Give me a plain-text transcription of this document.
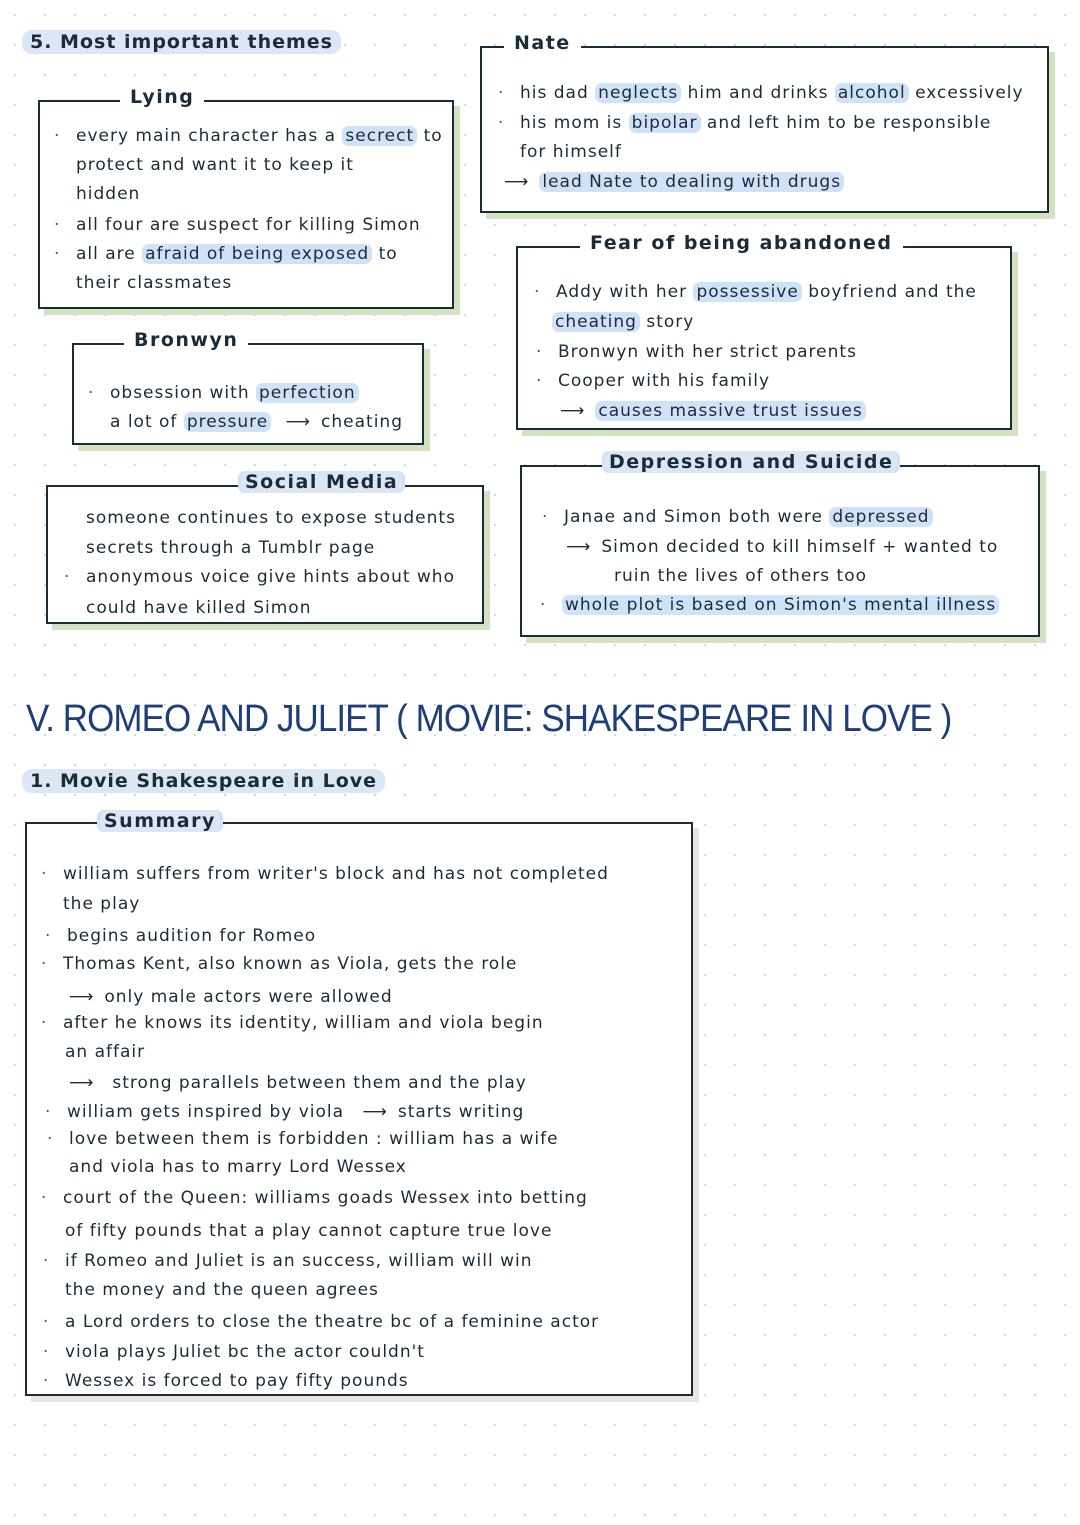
5. Most important themes
Lying
· every main character has a secrect to
protect and want it to keep it
hidden
· all four are suspect for killing Simon
· all are afraid of being exposed to
their classmates
Bronwyn
· obsession with perfection
a lot of pressure ⟶ cheating
Social Media
someone continues to expose students
secrets through a Tumblr page
· anonymous voice give hints about who
could have killed Simon
Nate
· his dad neglects him and drinks alcohol excessively
· his mom is bipolar and left him to be responsible
for himself
⟶ lead Nate to dealing with drugs
Fear of being abandoned
· Addy with her possessive boyfriend and the
cheating story
· Bronwyn with her strict parents
· Cooper with his family
⟶ causes massive trust issues
Depression and Suicide
· Janae and Simon both were depressed
⟶ Simon decided to kill himself + wanted to
ruin the lives of others too
· whole plot is based on Simon's mental illness
V. ROMEO AND JULIET ( MOVIE: SHAKESPEARE IN LOVE )
1. Movie Shakespeare in Love
Summary
· william suffers from writer's block and has not completed
the play
· begins audition for Romeo
· Thomas Kent, also known as Viola, gets the role
⟶ only male actors were allowed
· after he knows its identity, william and viola begin
an affair
⟶ strong parallels between them and the play
· william gets inspired by viola ⟶ starts writing
· love between them is forbidden : william has a wife
and viola has to marry Lord Wessex
· court of the Queen: williams goads Wessex into betting
of fifty pounds that a play cannot capture true love
· if Romeo and Juliet is an success, william will win
the money and the queen agrees
· a Lord orders to close the theatre bc of a feminine actor
· viola plays Juliet bc the actor couldn't
· Wessex is forced to pay fifty pounds
